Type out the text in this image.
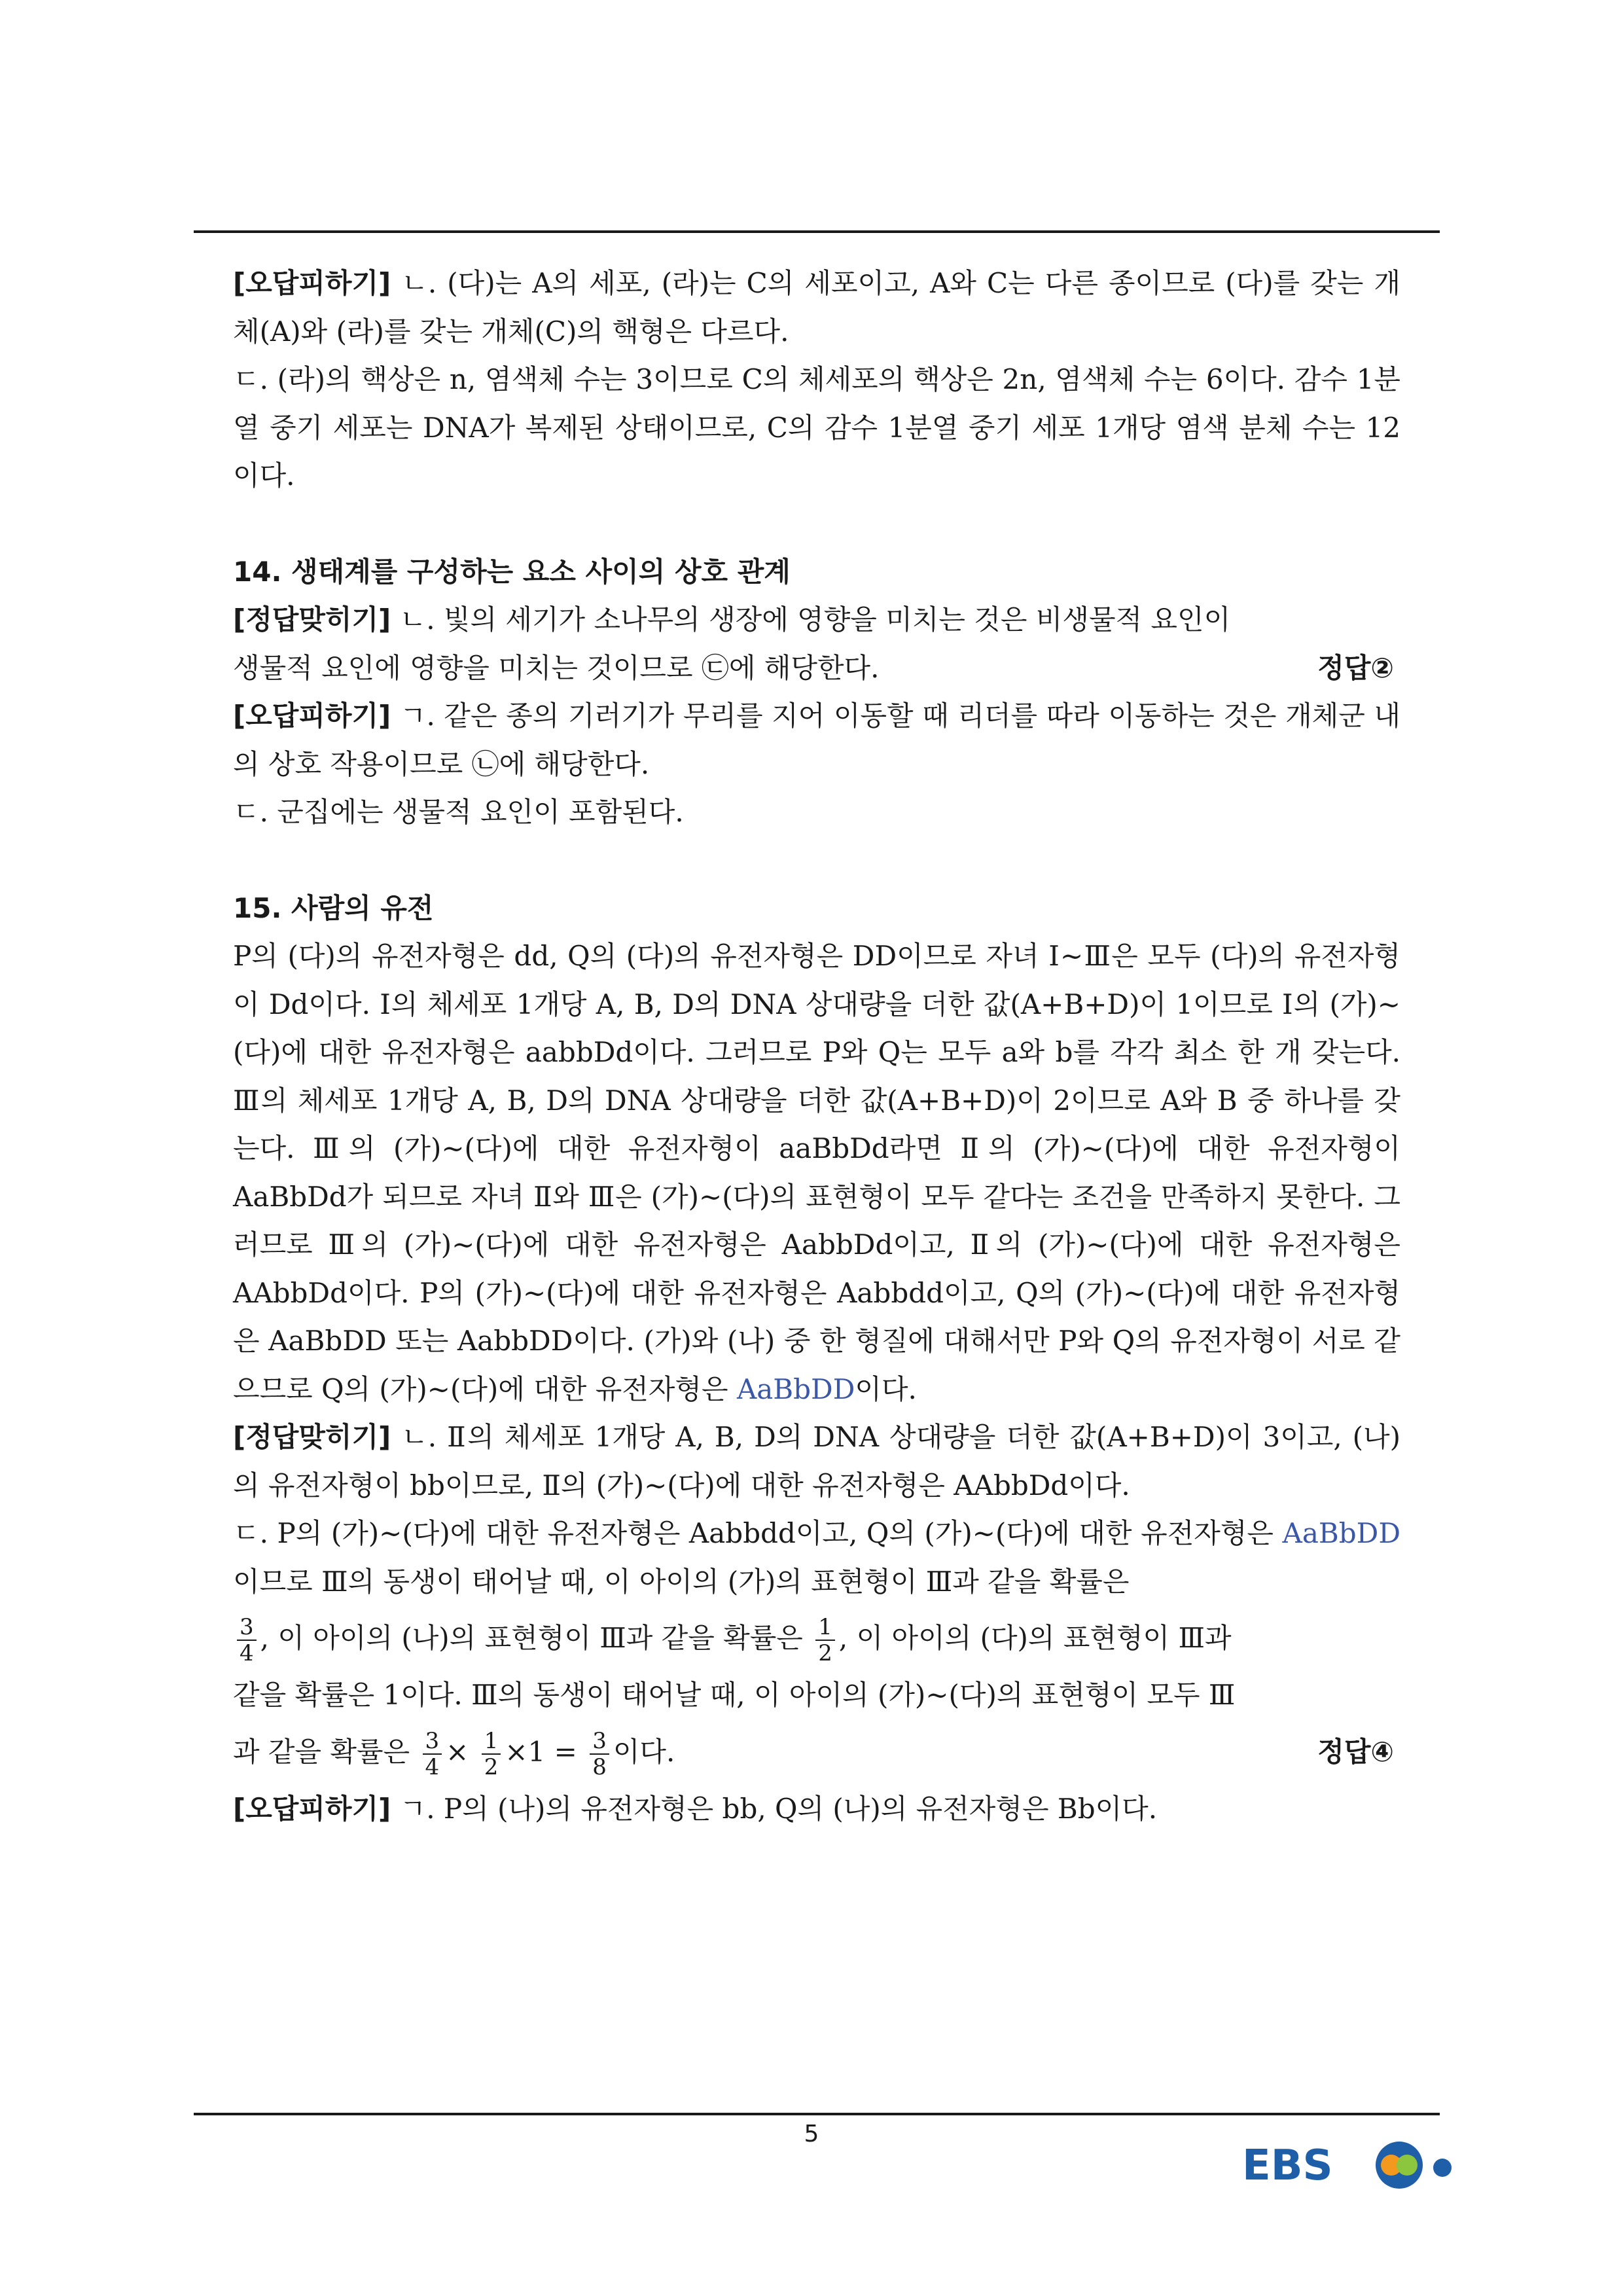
[오답피하기] ㄴ. (다)는 A의 세포, (라)는 C의 세포이고, A와 C는 다른 종이므로 (다)를 갖는 개체(A)와 (라)를 갖는 개체(C)의 핵형은 다르다.

ㄷ. (라)의 핵상은 n, 염색체 수는 3이므로 C의 체세포의 핵상은 2n, 염색체 수는 6이다. 감수 1분열 중기 세포는 DNA가 복제된 상태이므로, C의 감수 1분열 중기 세포 1개당 염색 분체 수는 12이다.

14. 생태계를 구성하는 요소 사이의 상호 관계

[정답맞히기] ㄴ. 빛의 세기가 소나무의 생장에 영향을 미치는 것은 비생물적 요인이

생물적 요인에 영향을 미치는 것이므로 ㉢에 해당한다.	정답②

[오답피하기] ㄱ. 같은 종의 기러기가 무리를 지어 이동할 때 리더를 따라 이동하는 것은 개체군 내의 상호 작용이므로 ㉡에 해당한다.

ㄷ. 군집에는 생물적 요인이 포함된다.

15. 사람의 유전

P의 (다)의 유전자형은 dd, Q의 (다)의 유전자형은 DD이므로 자녀 Ⅰ~Ⅲ은 모두 (다)의 유전자형이 Dd이다. Ⅰ의 체세포 1개당 A, B, D의 DNA 상대량을 더한 값(A+B+D)이 1이므로 Ⅰ의 (가)~(다)에 대한 유전자형은 aabbDd이다. 그러므로 P와 Q는 모두 a와 b를 각각 최소 한 개 갖는다. Ⅲ의 체세포 1개당 A, B, D의 DNA 상대량을 더한 값(A+B+D)이 2이므로 A와 B 중 하나를 갖는다. Ⅲ의 (가)~(다)에 대한 유전자형이 aaBbDd라면 Ⅱ의 (가)~(다)에 대한 유전자형이 AaBbDd가 되므로 자녀 Ⅱ와 Ⅲ은 (가)~(다)의 표현형이 모두 같다는 조건을 만족하지 못한다. 그러므로 Ⅲ의 (가)~(다)에 대한 유전자형은 AabbDd이고, Ⅱ의 (가)~(다)에 대한 유전자형은 AAbbDd이다. P의 (가)~(다)에 대한 유전자형은 Aabbdd이고, Q의 (가)~(다)에 대한 유전자형은 AaBbDD 또는 AabbDD이다. (가)와 (나) 중 한 형질에 대해서만 P와 Q의 유전자형이 서로 같으므로 Q의 (가)~(다)에 대한 유전자형은 AaBbDD이다.

[정답맞히기] ㄴ. Ⅱ의 체세포 1개당 A, B, D의 DNA 상대량을 더한 값(A+B+D)이 3이고, (나)의 유전자형이 bb이므로, Ⅱ의 (가)~(다)에 대한 유전자형은 AAbbDd이다.

ㄷ. P의 (가)~(다)에 대한 유전자형은 Aabbdd이고, Q의 (가)~(다)에 대한 유전자형은 AaBbDD이므로 Ⅲ의 동생이 태어날 때, 이 아이의 (가)의 표현형이 Ⅲ과 같을 확률은

$\frac{3}{4}$ , 이 아이의 (나)의 표현형이 Ⅲ과 같을 확률은 $\frac{1}{2}$ , 이 아이의 (다)의 표현형이 Ⅲ과

같을 확률은 1이다. Ⅲ의 동생이 태어날 때, 이 아이의 (가)~(다)의 표현형이 모두 Ⅲ

과 같을 확률은 $\frac{3}{4} \times \frac{1}{2} \times 1 = \frac{3}{8}$ 이다.	정답④

[오답피하기] ㄱ. P의 (나)의 유전자형은 bb, Q의 (나)의 유전자형은 Bb이다.

5
EBS
